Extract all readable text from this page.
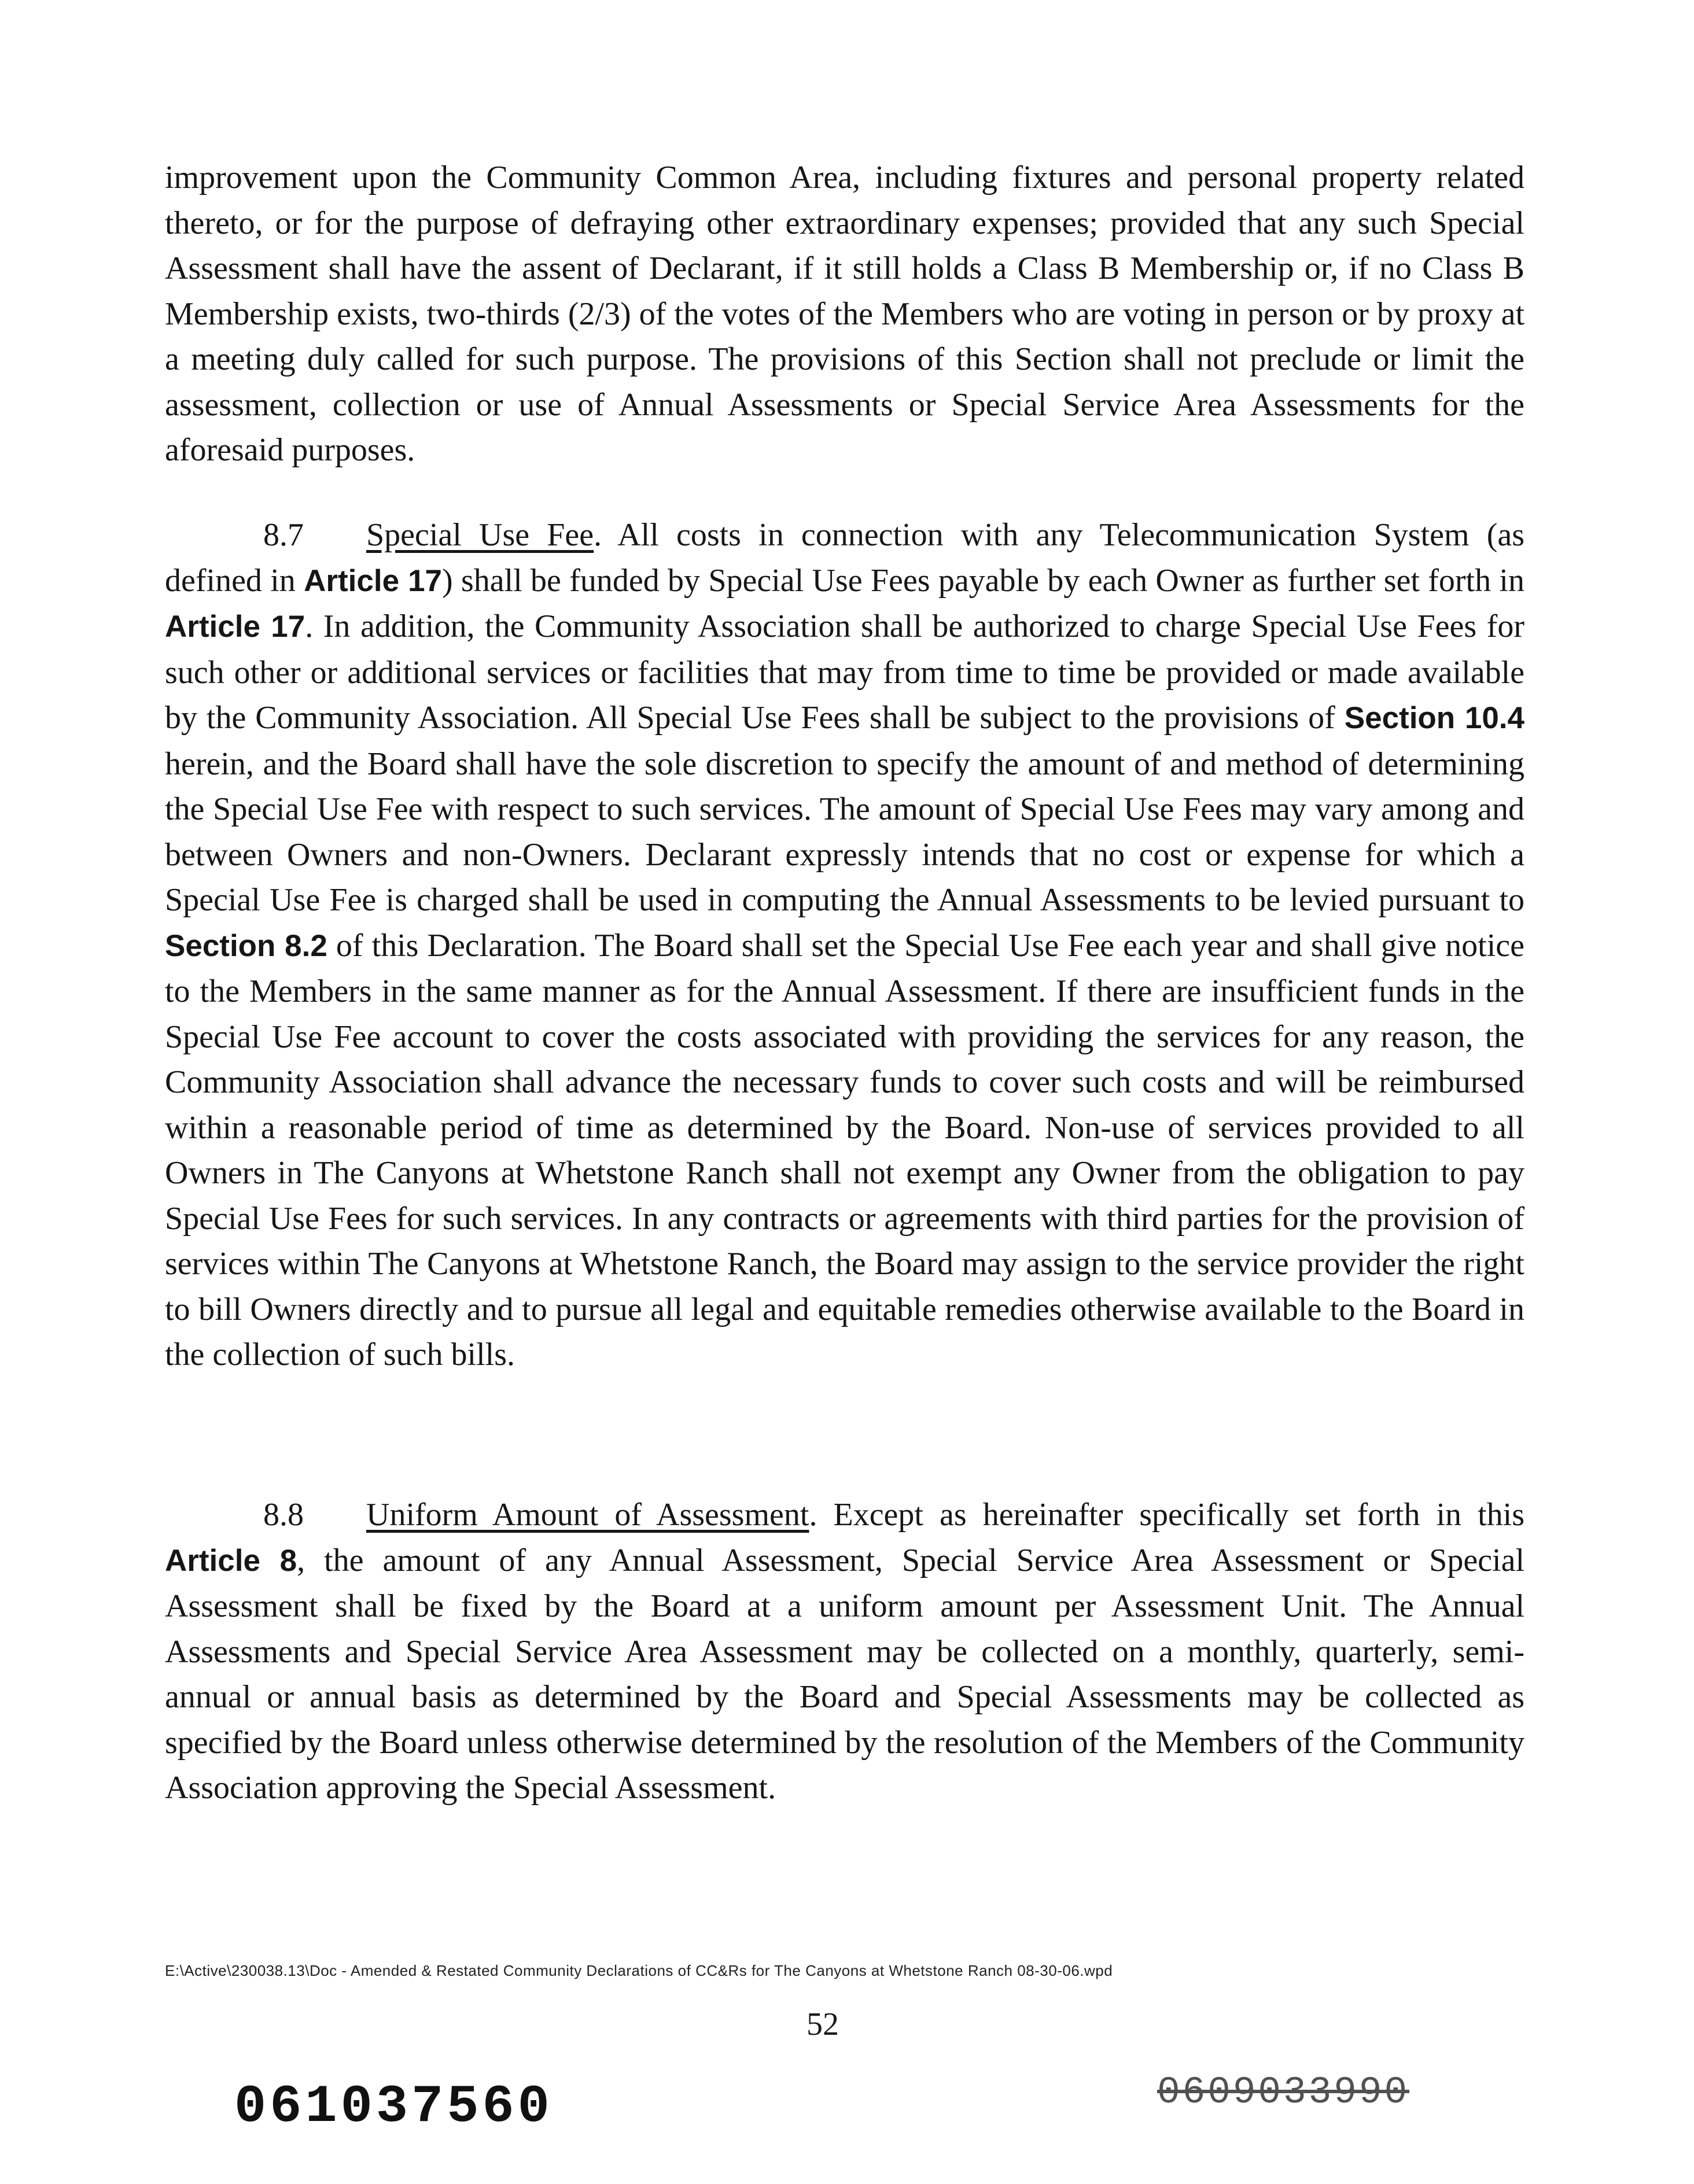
improvement upon the Community Common Area, including fixtures and personal property related thereto, or for the purpose of defraying other extraordinary expenses; provided that any such Special Assessment shall have the assent of Declarant, if it still holds a Class B Membership or, if no Class B Membership exists, two-thirds (2/3) of the votes of the Members who are voting in person or by proxy at a meeting duly called for such purpose. The provisions of this Section shall not preclude or limit the assessment, collection or use of Annual Assessments or Special Service Area Assessments for the aforesaid purposes.

8.7 Special Use Fee. All costs in connection with any Telecommunication System (as defined in Article 17) shall be funded by Special Use Fees payable by each Owner as further set forth in Article 17. In addition, the Community Association shall be authorized to charge Special Use Fees for such other or additional services or facilities that may from time to time be provided or made available by the Community Association. All Special Use Fees shall be subject to the provisions of Section 10.4 herein, and the Board shall have the sole discretion to specify the amount of and method of determining the Special Use Fee with respect to such services. The amount of Special Use Fees may vary among and between Owners and non-Owners. Declarant expressly intends that no cost or expense for which a Special Use Fee is charged shall be used in computing the Annual Assessments to be levied pursuant to Section 8.2 of this Declaration. The Board shall set the Special Use Fee each year and shall give notice to the Members in the same manner as for the Annual Assessment. If there are insufficient funds in the Special Use Fee account to cover the costs associated with providing the services for any reason, the Community Association shall advance the necessary funds to cover such costs and will be reimbursed within a reasonable period of time as determined by the Board. Non-use of services provided to all Owners in The Canyons at Whetstone Ranch shall not exempt any Owner from the obligation to pay Special Use Fees for such services. In any contracts or agreements with third parties for the provision of services within The Canyons at Whetstone Ranch, the Board may assign to the service provider the right to bill Owners directly and to pursue all legal and equitable remedies otherwise available to the Board in the collection of such bills.

8.8 Uniform Amount of Assessment. Except as hereinafter specifically set forth in this Article 8, the amount of any Annual Assessment, Special Service Area Assessment or Special Assessment shall be fixed by the Board at a uniform amount per Assessment Unit. The Annual Assessments and Special Service Area Assessment may be collected on a monthly, quarterly, semi-annual or annual basis as determined by the Board and Special Assessments may be collected as specified by the Board unless otherwise determined by the resolution of the Members of the Community Association approving the Special Assessment.

E:\Active\230038.13\Doc - Amended & Restated Community Declarations of CC&Rs for The Canyons at Whetstone Ranch 08-30-06.wpd
52
061037560	0609033990
